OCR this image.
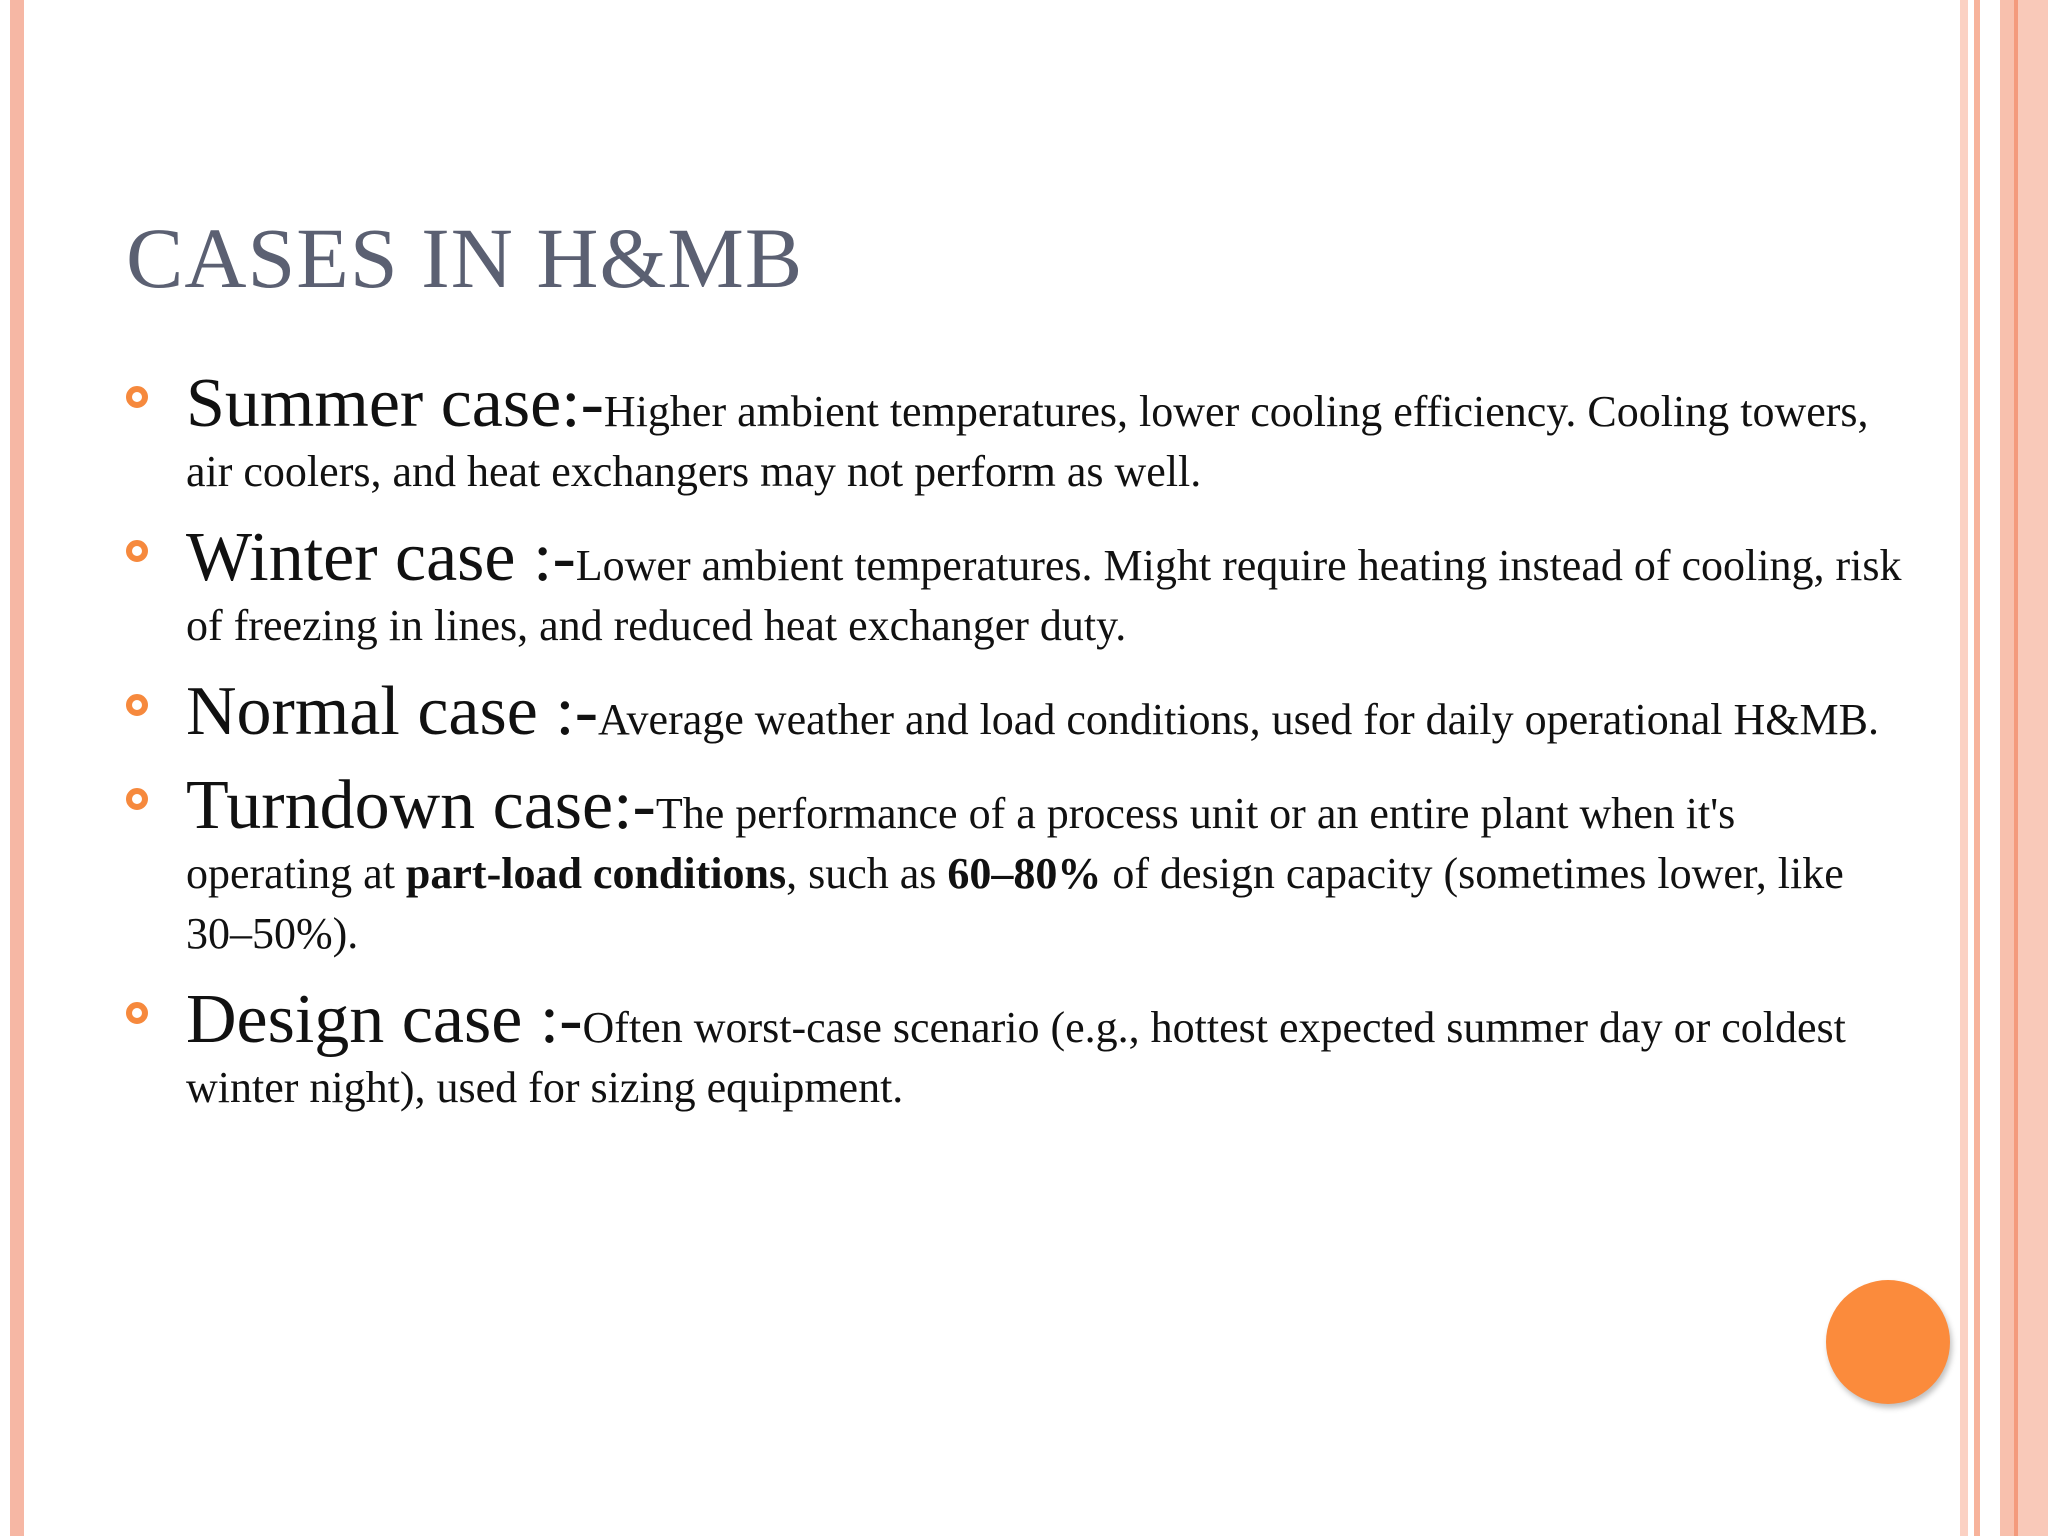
CASES IN H&MB
Summer case:-Higher ambient temperatures, lower cooling efficiency. Cooling towers, air coolers, and heat exchangers may not perform as well.
Winter case :-Lower ambient temperatures. Might require heating instead of cooling, risk of freezing in lines, and reduced heat exchanger duty.
Normal case :-Average weather and load conditions, used for daily operational H&MB.
Turndown case:-The performance of a process unit or an entire plant when it's operating at part-load conditions, such as 60–80% of design capacity (sometimes lower, like 30–50%).
Design case :-Often worst-case scenario (e.g., hottest expected summer day or coldest winter night), used for sizing equipment.
